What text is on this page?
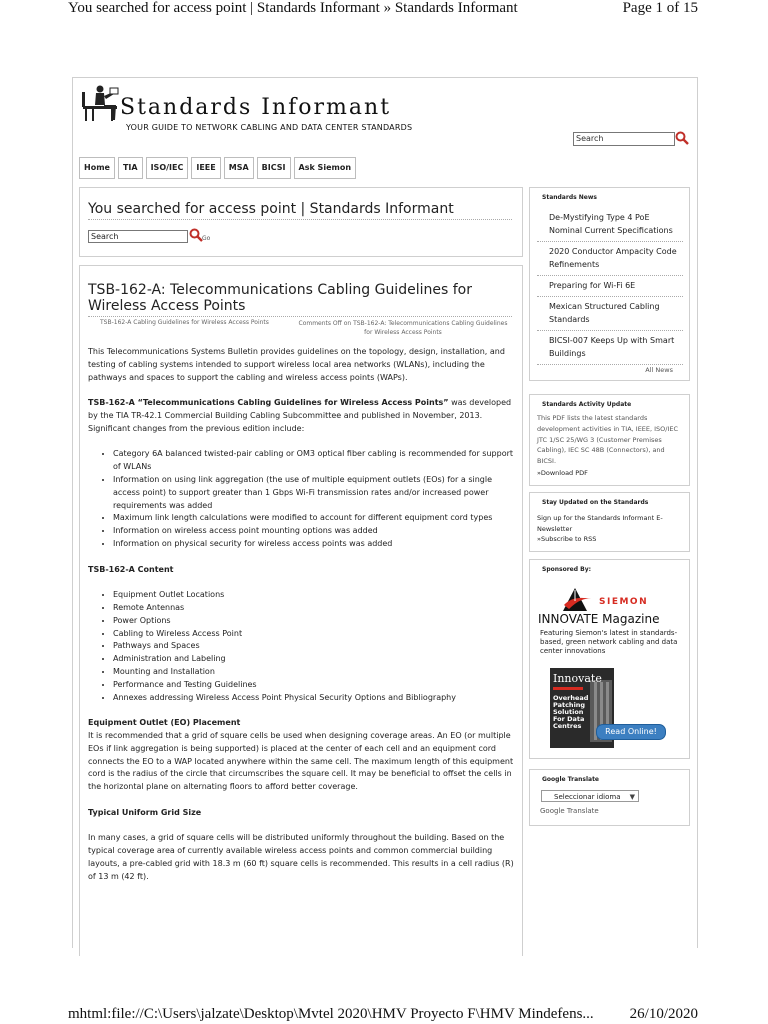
You searched for access point | Standards Informant » Standards Informant	Page 1 of 15
Standards Informant
YOUR GUIDE TO NETWORK CABLING AND DATA CENTER STANDARDS
Search
Home	TIA	ISO/IEC	IEEE	MSA	BICSI	Ask Siemon
You searched for access point | Standards Informant
Search	Go
TSB-162-A: Telecommunications Cabling Guidelines for Wireless Access Points
TSB-162-A Cabling Guidelines for Wireless Access Points	Comments Off on TSB-162-A: Telecommunications Cabling Guidelines for Wireless Access Points

This Telecommunications Systems Bulletin provides guidelines on the topology, design, installation, and testing of cabling systems intended to support wireless local area networks (WLANs), including the pathways and spaces to support the cabling and wireless access points (WAPs).

TSB-162-A “Telecommunications Cabling Guidelines for Wireless Access Points” was developed by the TIA TR-42.1 Commercial Building Cabling Subcommittee and published in November, 2013. Significant changes from the previous edition include:

• Category 6A balanced twisted-pair cabling or OM3 optical fiber cabling is recommended for support of WLANs
• Information on using link aggregation (the use of multiple equipment outlets (EOs) for a single access point) to support greater than 1 Gbps Wi-Fi transmission rates and/or increased power requirements was added
• Maximum link length calculations were modified to account for different equipment cord types
• Information on wireless access point mounting options was added
• Information on physical security for wireless access points was added
TSB-162-A Content
• Equipment Outlet Locations
• Remote Antennas
• Power Options
• Cabling to Wireless Access Point
• Pathways and Spaces
• Administration and Labeling
• Mounting and Installation
• Performance and Testing Guidelines
• Annexes addressing Wireless Access Point Physical Security Options and Bibliography
Equipment Outlet (EO) Placement

It is recommended that a grid of square cells be used when designing coverage areas. An EO (or multiple EOs if link aggregation is being supported) is placed at the center of each cell and an equipment cord connects the EO to a WAP located anywhere within the same cell. The maximum length of this equipment cord is the radius of the circle that circumscribes the square cell. It may be beneficial to offset the cells in the horizontal plane on alternating floors to afford better coverage.

Typical Uniform Grid Size

In many cases, a grid of square cells will be distributed uniformly throughout the building. Based on the typical coverage area of currently available wireless access points and common commercial building layouts, a pre-cabled grid with 18.3 m (60 ft) square cells is recommended. This results in a cell radius (R) of 13 m (42 ft).

Standards News
De-Mystifying Type 4 PoE Nominal Current Specifications
2020 Conductor Ampacity Code Refinements
Preparing for Wi-Fi 6E
Mexican Structured Cabling Standards
BICSI-007 Keeps Up with Smart Buildings
All News
Standards Activity Update
This PDF lists the latest standards development activities in TIA, IEEE, ISO/IEC JTC 1/SC 25/WG 3 (Customer Premises Cabling), IEC SC 48B (Connectors), and BICSI.
»Download PDF
Stay Updated on the Standards
Sign up for the Standards Informant E-Newsletter
»Subscribe to RSS
Sponsored By:
SIEMON
INNOVATE Magazine
Featuring Siemon's latest in standards-based, green network cabling and data center innovations
Innovate
Overhead
Patching
Solution
For Data
Centres
Read Online!
Google Translate
Seleccionar idioma ▼
Google Translate
mhtml:file://C:\Users\jalzate\Desktop\Mvtel 2020\HMV Proyecto F\HMV Mindefens... 26/10/2020
